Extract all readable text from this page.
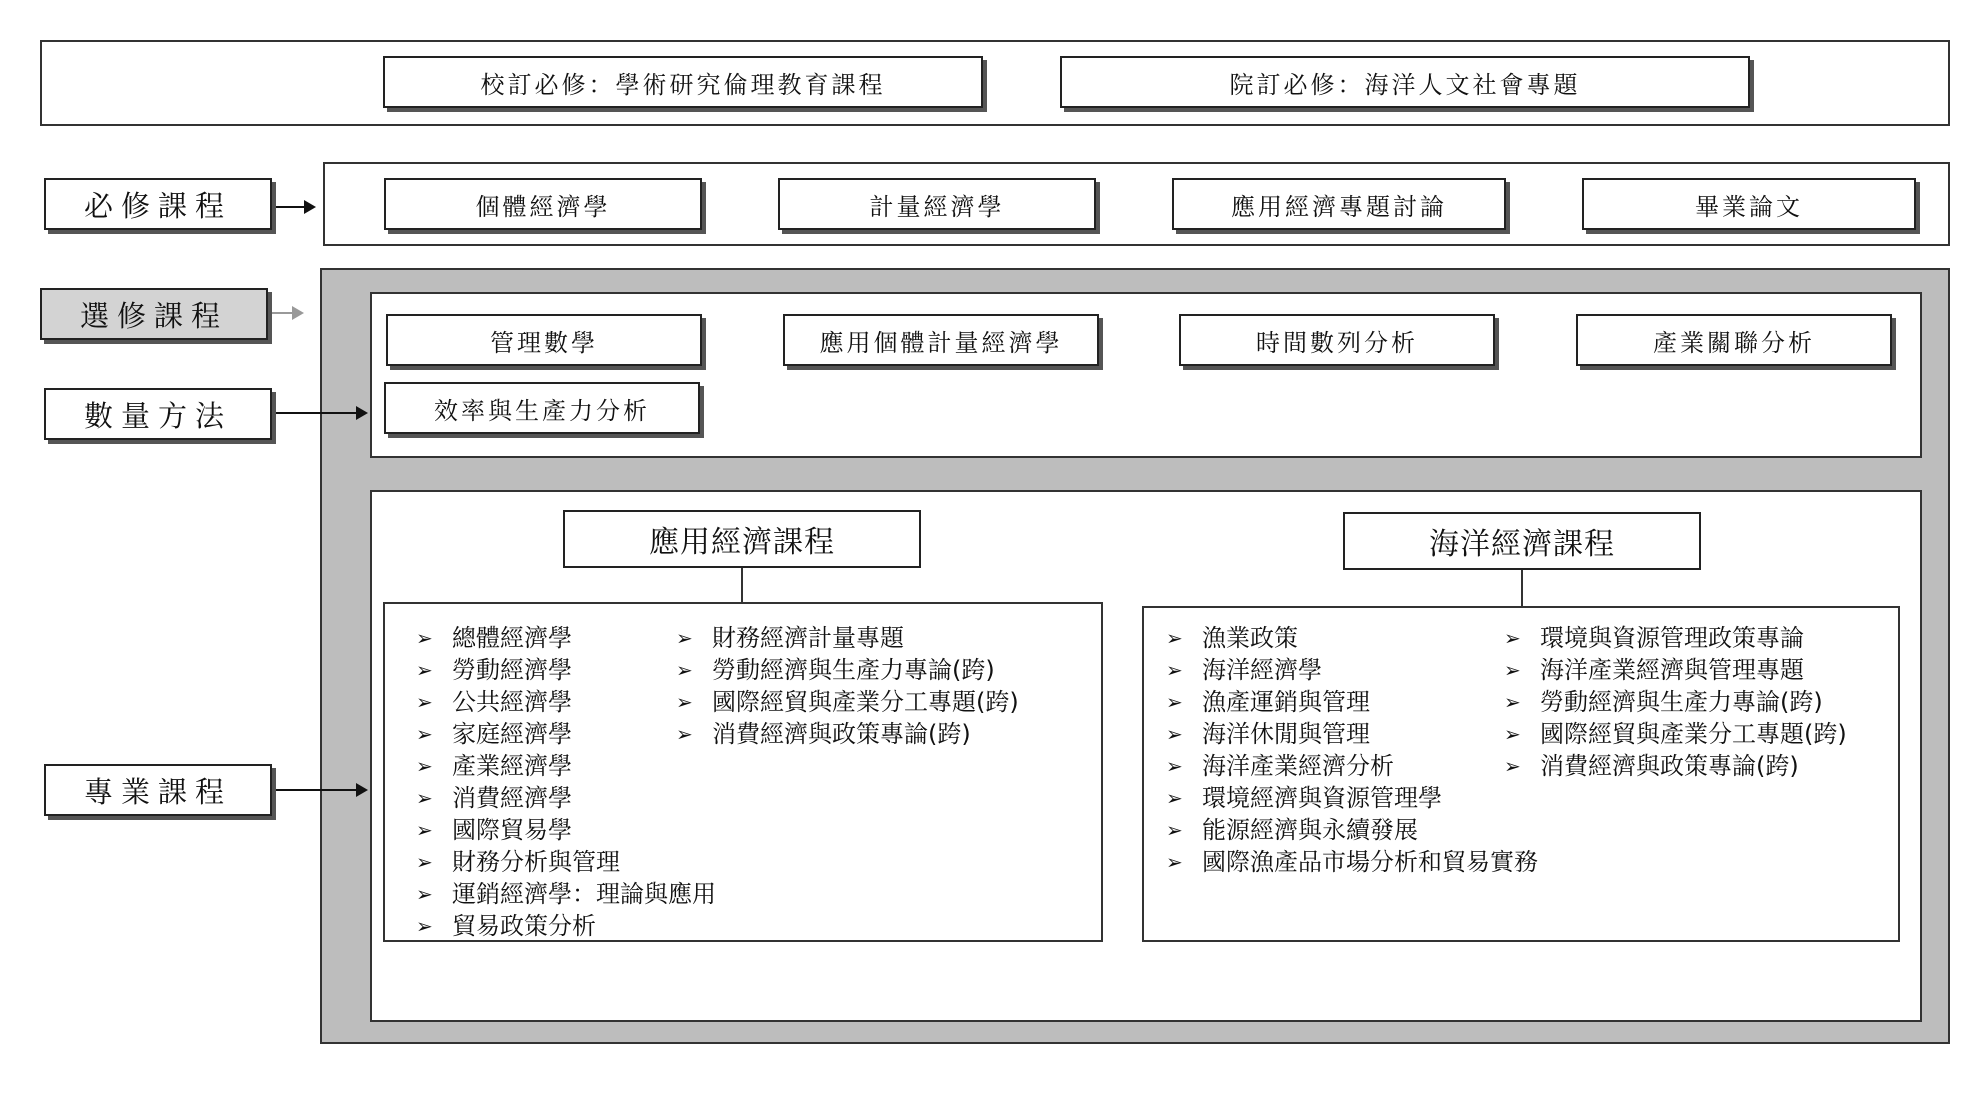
校訂必修：學術研究倫理教育課程	院訂必修：海洋人文社會專題
必修課程	個體經濟學	計量經濟學	應用經濟專題討論	畢業論文
選修課程
數量方法
管理數學	應用個體計量經濟學	時間數列分析	產業關聯分析
效率與生產力分析
專業課程
應用經濟課程
➢ 總體經濟學
➢ 勞動經濟學
➢ 公共經濟學
➢ 家庭經濟學
➢ 產業經濟學
➢ 消費經濟學
➢ 國際貿易學
➢ 財務分析與管理
➢ 運銷經濟學：理論與應用
➢ 貿易政策分析
➢ 財務經濟計量專題
➢ 勞動經濟與生產力專論(跨)
➢ 國際經貿與產業分工專題(跨)
➢ 消費經濟與政策專論(跨)
海洋經濟課程
➢ 漁業政策
➢ 海洋經濟學
➢ 漁產運銷與管理
➢ 海洋休閒與管理
➢ 海洋產業經濟分析
➢ 環境經濟與資源管理學
➢ 能源經濟與永續發展
➢ 國際漁產品市場分析和貿易實務
➢ 環境與資源管理政策專論
➢ 海洋產業經濟與管理專題
➢ 勞動經濟與生產力專論(跨)
➢ 國際經貿與產業分工專題(跨)
➢ 消費經濟與政策專論(跨)
